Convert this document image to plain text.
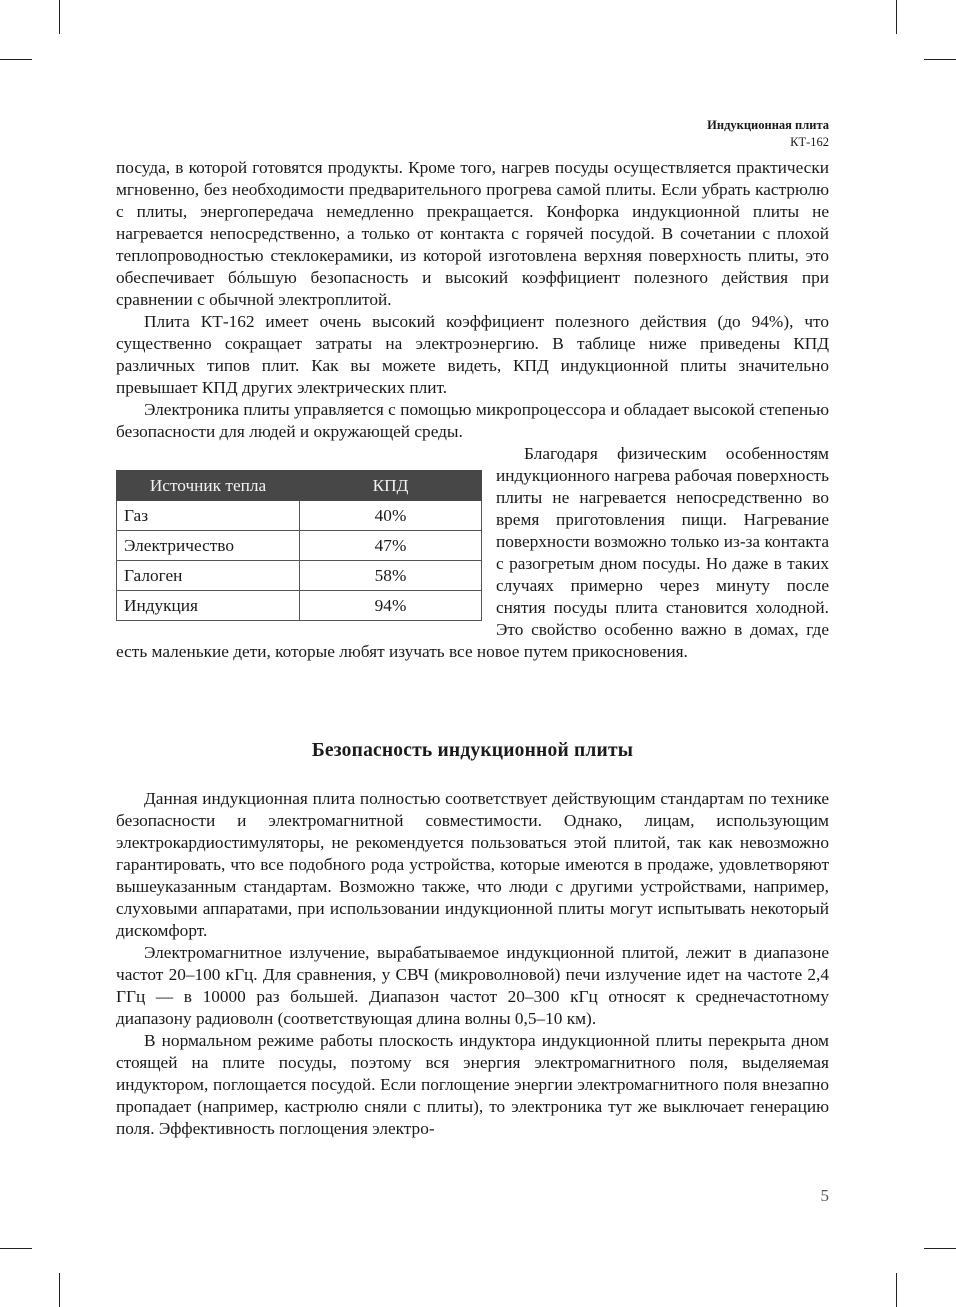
Индукционная плита
КТ-162

посуда, в которой готовятся продукты. Кроме того, нагрев посуды осуществляется практически мгновенно, без необходимости предварительного прогрева самой плиты. Если убрать кастрюлю с плиты, энергопередача немедленно прекращается. Конфорка индукционной плиты не нагревается непосредственно, а только от контакта с горячей посудой. В сочетании с плохой теплопроводностью стеклокерамики, из которой изготовлена верхняя поверхность плиты, это обеспечивает бóльшую безопасность и высокий коэффициент полезного действия при сравнении с обычной электроплитой.

Плита КТ-162 имеет очень высокий коэффициент полезного действия (до 94%), что существенно сокращает затраты на электроэнергию. В таблице ниже приведены КПД различных типов плит. Как вы можете видеть, КПД индукционной плиты значительно превышает КПД других электрических плит.

Электроника плиты управляется с помощью микропроцессора и обладает высокой степенью безопасности для людей и окружающей среды.

Источник тепла	КПД
Газ	40%
Электричество	47%
Галоген	58%
Индукция	94%

Благодаря физическим особенностям индукционного нагрева рабочая поверхность плиты не нагревается непосредственно во время приготовления пищи. Нагревание поверхности возможно только из-за контакта с разогретым дном посуды. Но даже в таких случаях примерно через минуту после снятия посуды плита становится холодной. Это свойство особенно важно в домах, где есть маленькие дети, которые любят изучать все новое путем прикосновения.

Безопасность индукционной плиты

Данная индукционная плита полностью соответствует действующим стандартам по технике безопасности и электромагнитной совместимости. Однако, лицам, использующим электрокардиостимуляторы, не рекомендуется пользоваться этой плитой, так как невозможно гарантировать, что все подобного рода устройства, которые имеются в продаже, удовлетворяют вышеуказанным стандартам. Возможно также, что люди с другими устройствами, например, слуховыми аппаратами, при использовании индукционной плиты могут испытывать некоторый дискомфорт.

Электромагнитное излучение, вырабатываемое индукционной плитой, лежит в диапазоне частот 20–100 кГц. Для сравнения, у СВЧ (микроволновой) печи излучение идет на частоте 2,4 ГГц — в 10000 раз большей. Диапазон частот 20–300 кГц относят к среднечастотному диапазону радиоволн (соответствующая длина волны 0,5–10 км).

В нормальном режиме работы плоскость индуктора индукционной плиты перекрыта дном стоящей на плите посуды, поэтому вся энергия электромагнитного поля, выделяемая индуктором, поглощается посудой. Если поглощение энергии электромагнитного поля внезапно пропадает (например, кастрюлю сняли с плиты), то электроника тут же выключает генерацию поля. Эффективность поглощения электро-

5
